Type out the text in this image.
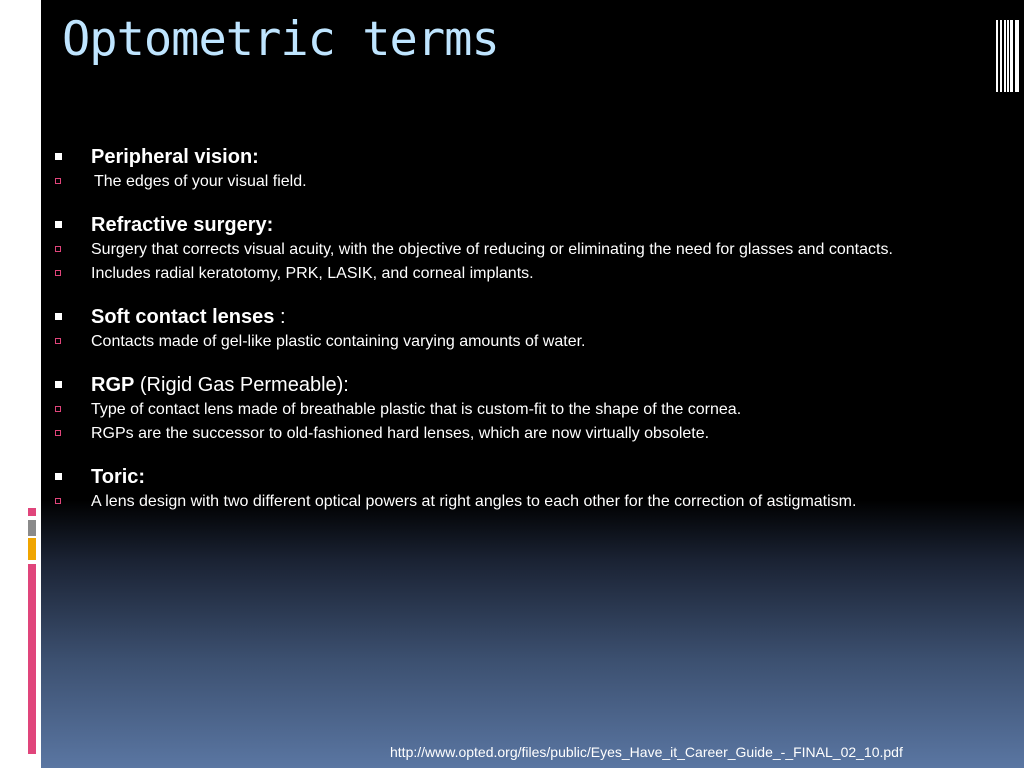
Optometric terms
Peripheral vision:
The edges of your visual field.
Refractive surgery:
Surgery that corrects visual acuity, with the objective of reducing or eliminating the need for glasses and contacts.
Includes radial keratotomy, PRK, LASIK, and corneal implants.
Soft contact lenses :
Contacts made of gel-like plastic containing varying amounts of water.
RGP (Rigid Gas Permeable):
Type of contact lens made of breathable plastic that is custom-fit to the shape of the cornea.
RGPs are the successor to old-fashioned hard lenses, which are now virtually obsolete.
Toric:
A lens design with two different optical powers at right angles to each other for the correction of astigmatism.
http://www.opted.org/files/public/Eyes_Have_it_Career_Guide_-_FINAL_02_10.pdf
